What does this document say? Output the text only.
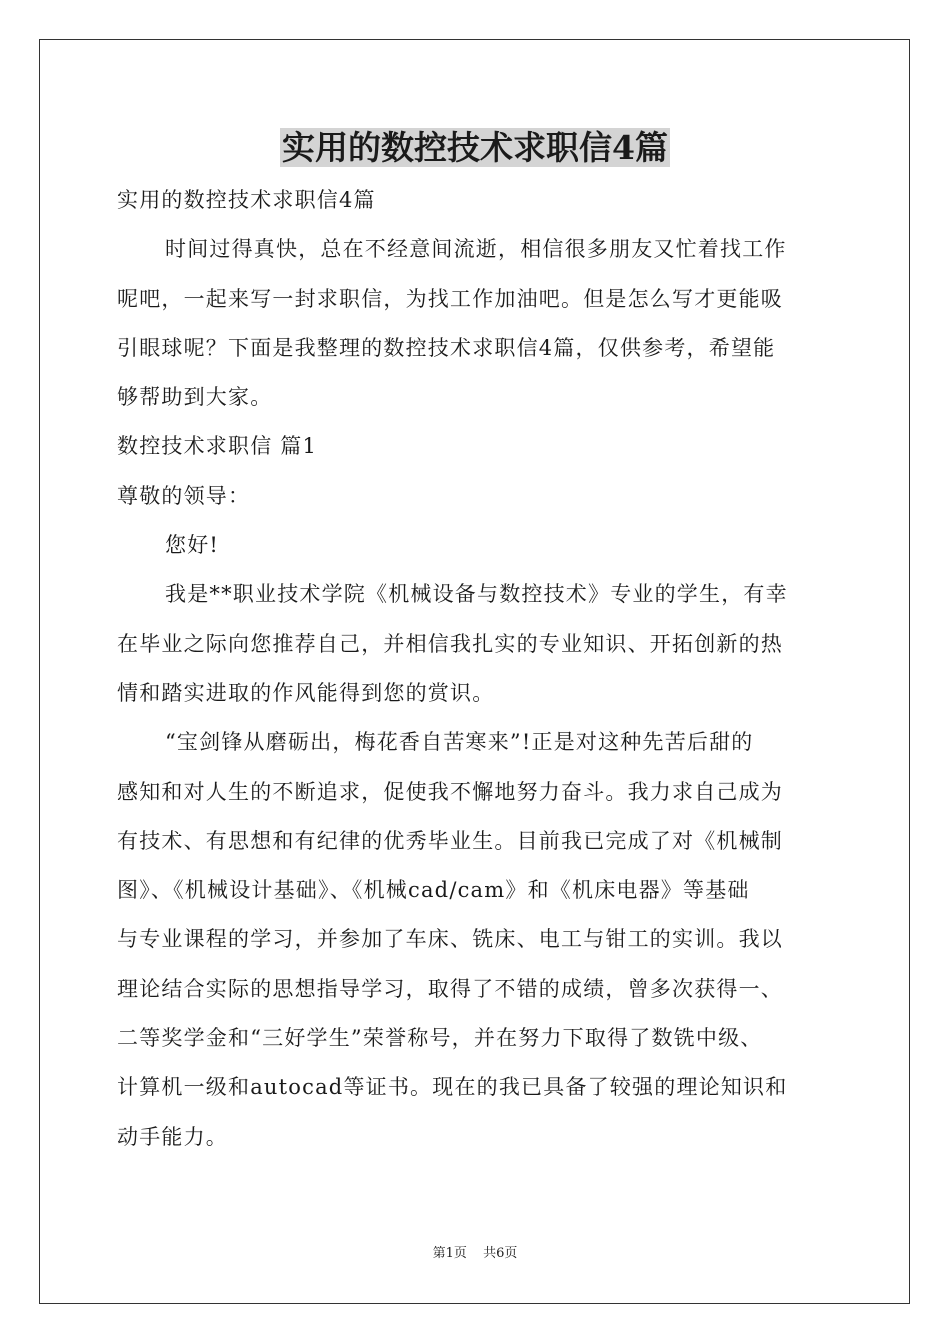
实用的数控技术求职信4篇
实用的数控技术求职信4篇
时间过得真快，总在不经意间流逝，相信很多朋友又忙着找工作
呢吧，一起来写一封求职信，为找工作加油吧。但是怎么写才更能吸
引眼球呢？下面是我整理的数控技术求职信4篇，仅供参考，希望能
够帮助到大家。
数控技术求职信 篇1
尊敬的领导：
您好!
我是**职业技术学院《机械设备与数控技术》专业的学生，有幸
在毕业之际向您推荐自己，并相信我扎实的专业知识、开拓创新的热
情和踏实进取的作风能得到您的赏识。
“宝剑锋从磨砺出，梅花香自苦寒来”!正是对这种先苦后甜的
感知和对人生的不断追求，促使我不懈地努力奋斗。我力求自己成为
有技术、有思想和有纪律的优秀毕业生。目前我已完成了对《机械制
图》、《机械设计基础》、《机械cad/cam》和《机床电器》等基础
与专业课程的学习，并参加了车床、铣床、电工与钳工的实训。我以
理论结合实际的思想指导学习，取得了不错的成绩，曾多次获得一、
二等奖学金和“三好学生”荣誉称号，并在努力下取得了数铣中级、
计算机一级和autocad等证书。现在的我已具备了较强的理论知识和
动手能力。
第1页 共6页
